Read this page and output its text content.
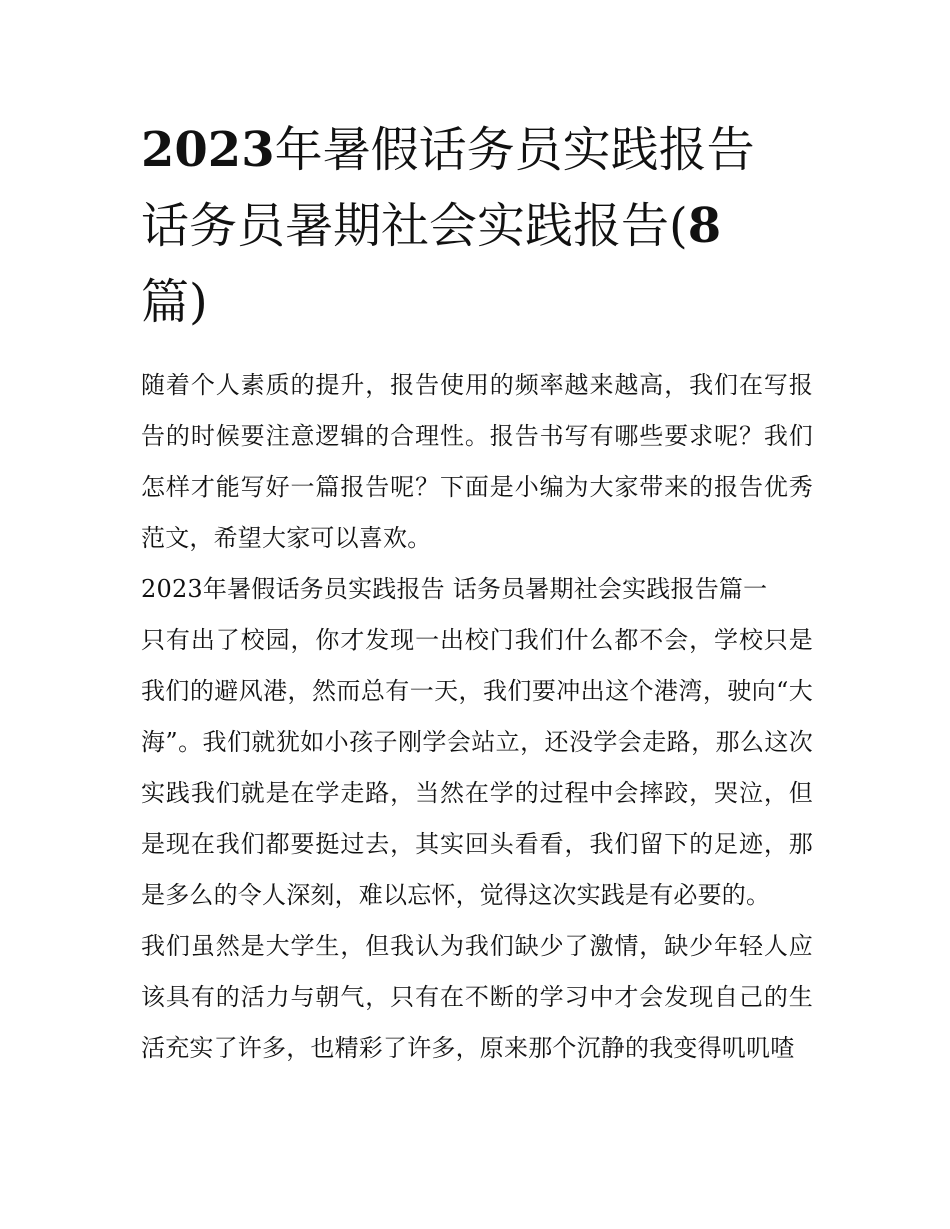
2023年暑假话务员实践报告 话务员暑期社会实践报告(8篇)

随着个人素质的提升，报告使用的频率越来越高，我们在写报告的时候要注意逻辑的合理性。报告书写有哪些要求呢？我们怎样才能写好一篇报告呢？下面是小编为大家带来的报告优秀范文，希望大家可以喜欢。

2023年暑假话务员实践报告 话务员暑期社会实践报告篇一

只有出了校园，你才发现一出校门我们什么都不会，学校只是我们的避风港，然而总有一天，我们要冲出这个港湾，驶向“大海”。我们就犹如小孩子刚学会站立，还没学会走路，那么这次实践我们就是在学走路，当然在学的过程中会摔跤，哭泣，但是现在我们都要挺过去，其实回头看看，我们留下的足迹，那是多么的令人深刻，难以忘怀，觉得这次实践是有必要的。

我们虽然是大学生，但我认为我们缺少了激情，缺少年轻人应该具有的活力与朝气，只有在不断的学习中才会发现自己的生活充实了许多，也精彩了许多，原来那个沉静的我变得叽叽喳
